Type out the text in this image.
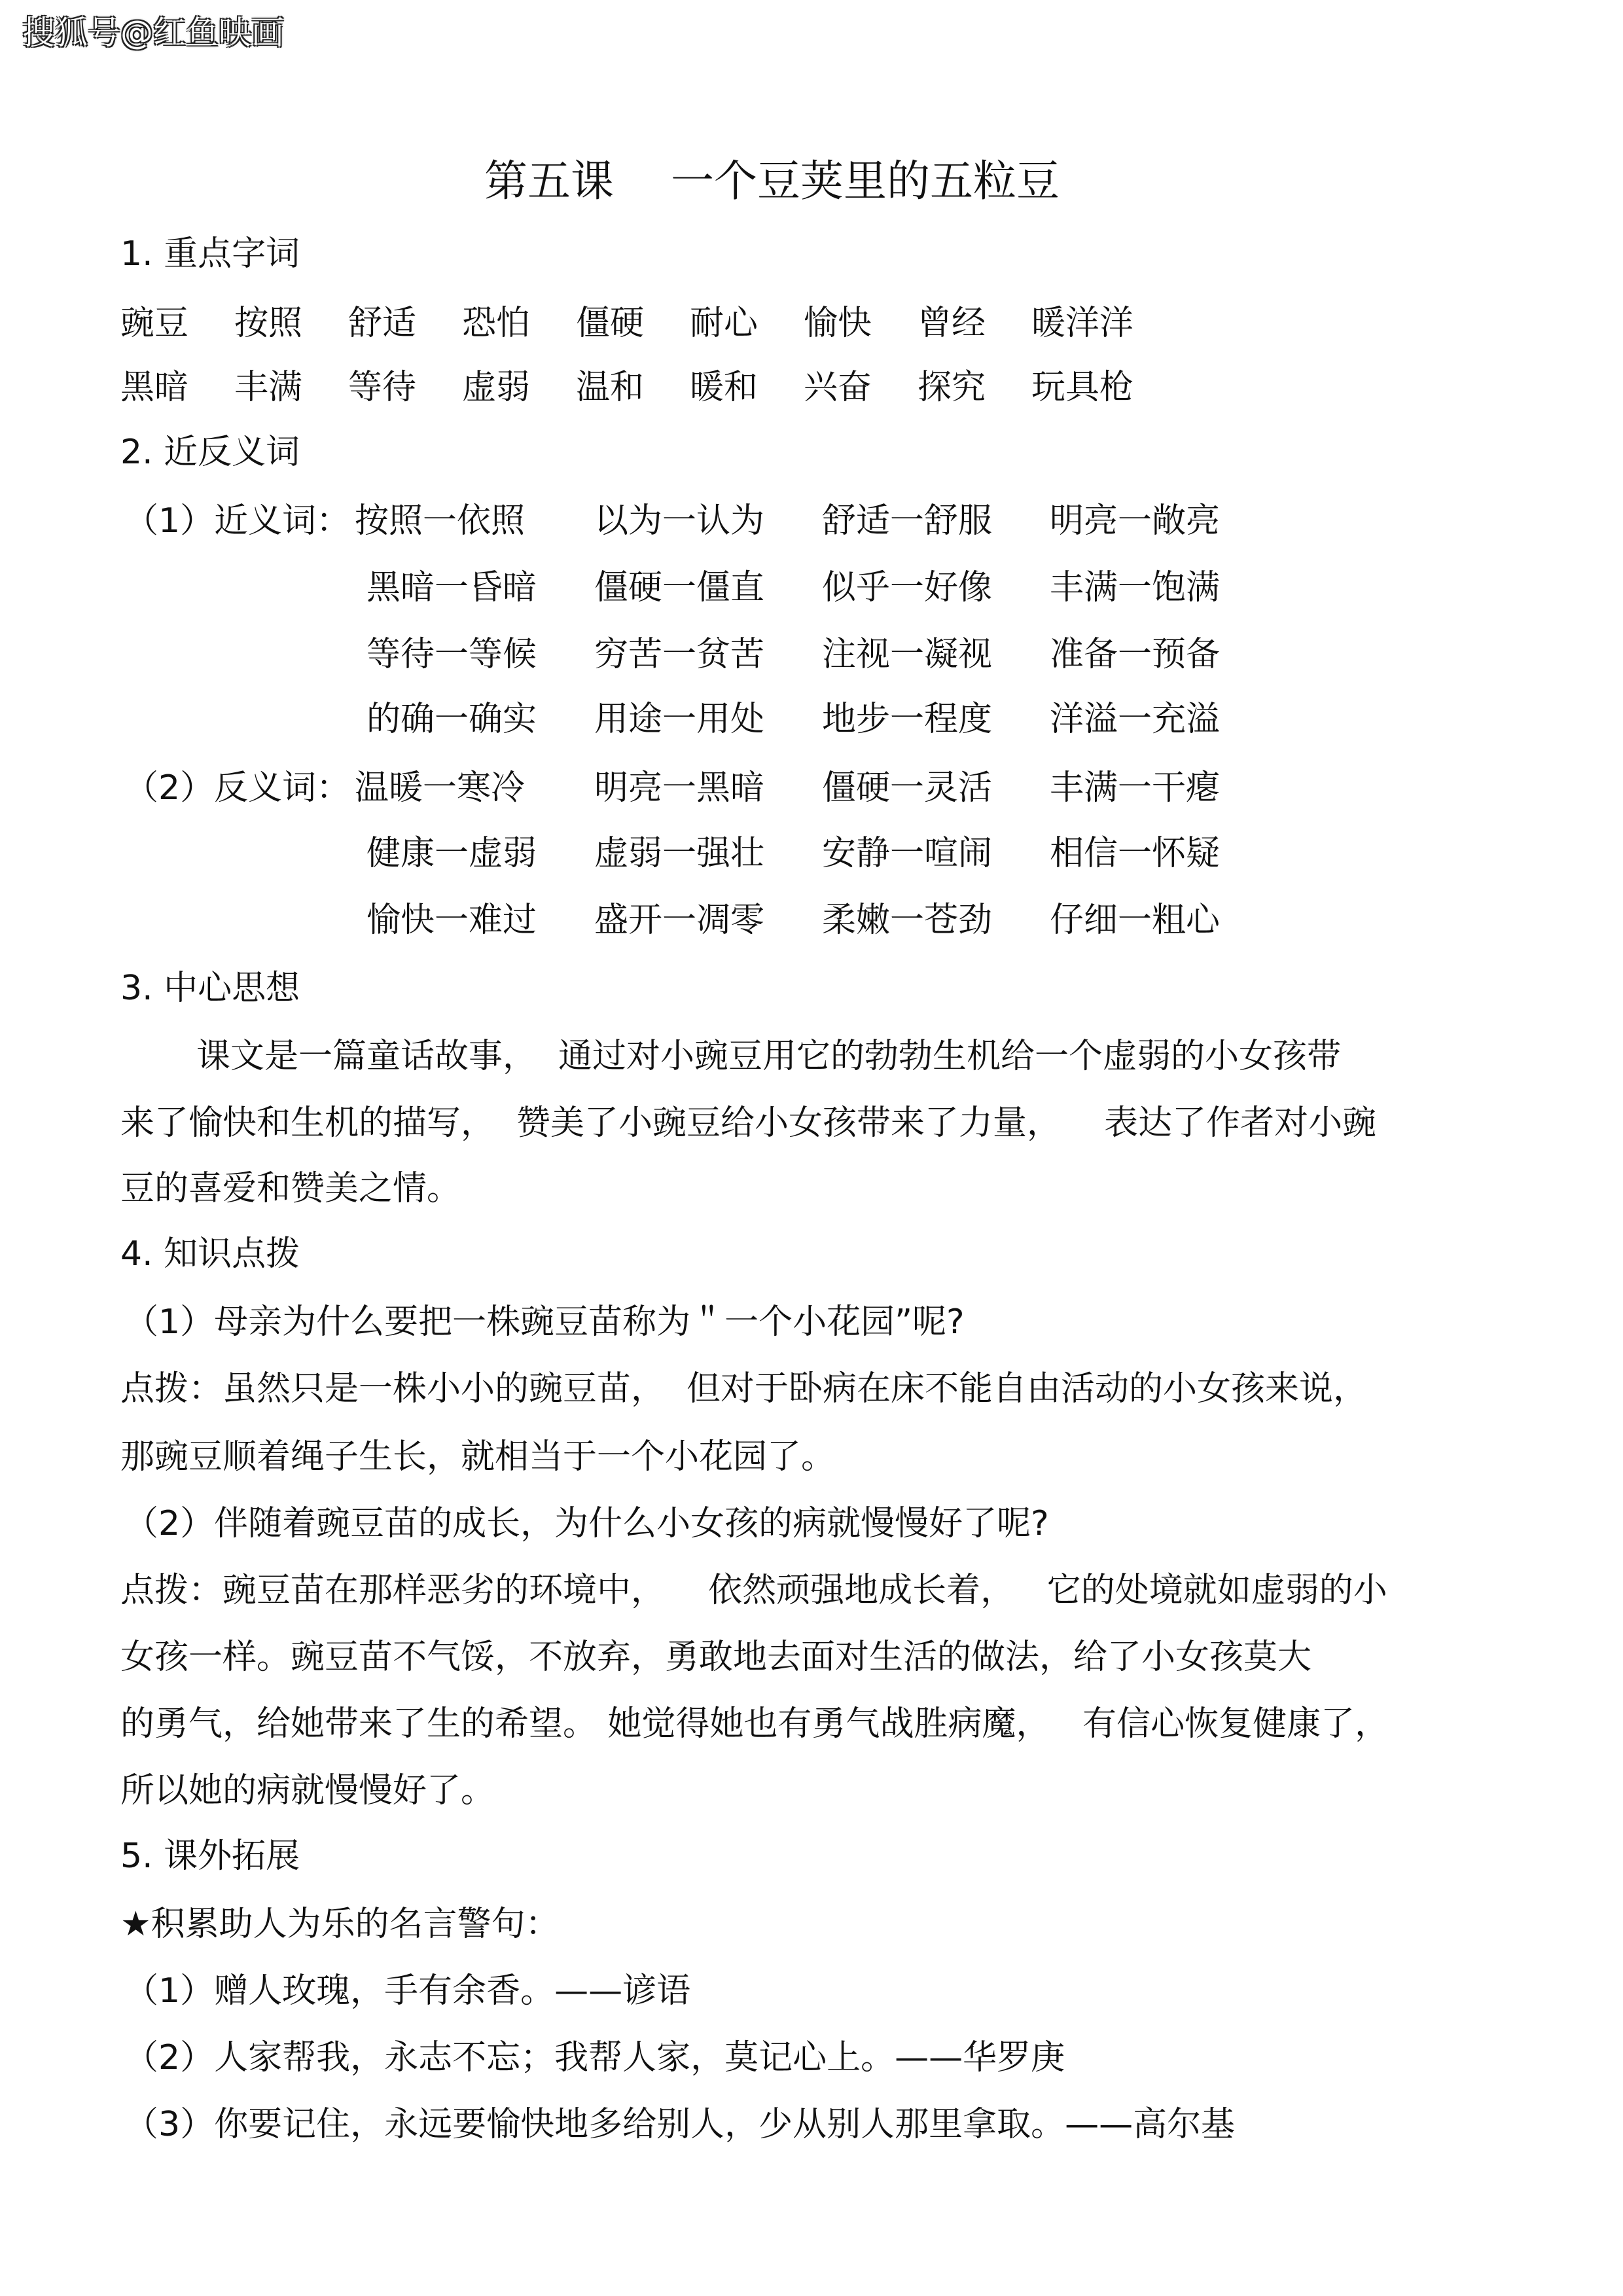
搜狐号@红鱼映画
第五课　 一个豆荚里的五粒豆
1. 重点字词
豌豆 按照 舒适 恐怕 僵硬 耐心 愉快 曾经 暖洋洋
黑暗 丰满 等待 虚弱 温和 暖和 兴奋 探究 玩具枪
2. 近反义词
（1）近义词： 按照一依照 以为一认为 舒适一舒服 明亮一敞亮
黑暗一昏暗 僵硬一僵直 似乎一好像 丰满一饱满
等待一等候 穷苦一贫苦 注视一凝视 准备一预备
的确一确实 用途一用处 地步一程度 洋溢一充溢
（2）反义词： 温暖一寒冷 明亮一黑暗 僵硬一灵活 丰满一干瘪
健康一虚弱 虚弱一强壮 安静一喧闹 相信一怀疑
愉快一难过 盛开一凋零 柔嫩一苍劲 仔细一粗心
3. 中心思想
课文是一篇童话故事，  通过对小豌豆用它的勃勃生机给一个虚弱的小女孩带
来了愉快和生机的描写，  赞美了小豌豆给小女孩带来了力量，    表达了作者对小豌
豆的喜爱和赞美之情。
4. 知识点拨
（1）母亲为什么要把一株豌豆苗称为＂一个小花园”呢?
点拨：虽然只是一株小小的豌豆苗，  但对于卧病在床不能自由活动的小女孩来说，
那豌豆顺着绳子生长，就相当于一个小花园了。
（2）伴随着豌豆苗的成长，为什么小女孩的病就慢慢好了呢?
点拨：豌豆苗在那样恶劣的环境中，    依然顽强地成长着，   它的处境就如虚弱的小
女孩一样。豌豆苗不气馁，不放弃，勇敢地去面对生活的做法，给了小女孩莫大
的勇气，给她带来了生的希望。 她觉得她也有勇气战胜病魔，   有信心恢复健康了，
所以她的病就慢慢好了。
5. 课外拓展
★积累助人为乐的名言警句：
（1）赠人玫瑰，手有余香。——谚语
（2）人家帮我，永志不忘；我帮人家，莫记心上。——华罗庚
（3）你要记住，永远要愉快地多给别人，少从别人那里拿取。——高尔基
